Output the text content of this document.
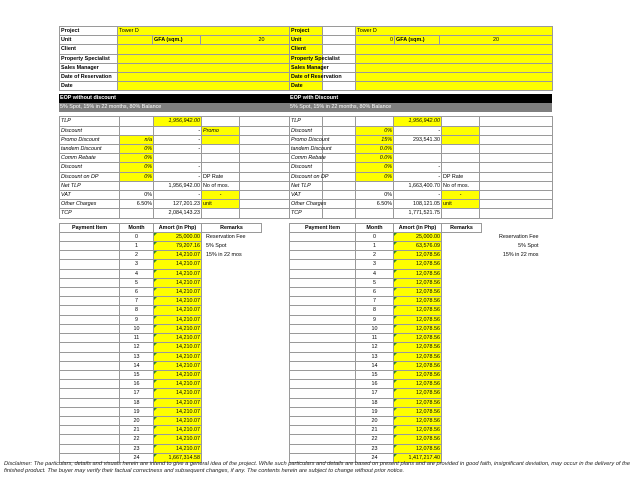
Project	Tower D		
Unit		GFA (sqm.)	20
Client			
Property Specialist			
Sales Manager			
Date of Reservation			
Date			
EOP without discount
5% Spot, 15% in 22 months, 80% Balance
TLP		1,956,942.00		
Discount		-	Promo	
Promo Discount	n/a	-		
tandem Discount	0%	-		
Comm Rebate	0%			
Discount	0%	-		
Discount on DP	0%	-	DP Rate	
Net TLP		1,956,942.00	No of mos.	
VAT	0%	-	-	
Other Charges	6.50%	127,201.23	unit	
TCP		2,084,143.23		
Payment Item	Month	Amort (in Php)	Remarks	
	0	25,000.00	Reservation Fee	
	1	79,207.16	5% Spot	
	2	14,210.07	15% in 22 mos	
	3	14,210.07		
	4	14,210.07		
	5	14,210.07		
	6	14,210.07		
	7	14,210.07		
	8	14,210.07		
	9	14,210.07		
	10	14,210.07		
	11	14,210.07		
	12	14,210.07		
	13	14,210.07		
	14	14,210.07		
	15	14,210.07		
	16	14,210.07		
	17	14,210.07		
	18	14,210.07		
	19	14,210.07		
	20	14,210.07		
	21	14,210.07		
	22	14,210.07		
	23	14,210.07		
	24	1,667,314.58		
Project	Tower D		
Unit	0	GFA (sqm.)	20
Client			
Property Specialist			
Sales Manager			
Date of Reservation			
Date			
EOP with Discount
5% Spot, 15% in 22 months, 80% Balance
TLP		1,956,942.00		
Discount	0%	-		
Promo Discount	15%	293,541.30		
tandem Discount	0.0%			
Comm Rebate	0.0%			
Discount	0%	-		
Discount on DP	0%	-	DP Rate	
Net TLP		1,663,400.70	No of mos.	
VAT	0%	-	-	
Other Charges	6.50%	108,121.05	unit	
TCP		1,771,521.75		
Payment Item	Month	Amort (in Php)	Remarks	
	0	25,000.00	Reservation Fee	
	1	63,576.09	5% Spot	
	2	12,078.56	15% in 22 mos	
	3	12,078.56		
	4	12,078.56		
	5	12,078.56		
	6	12,078.56		
	7	12,078.56		
	8	12,078.56		
	9	12,078.56		
	10	12,078.56		
	11	12,078.56		
	12	12,078.56		
	13	12,078.56		
	14	12,078.56		
	15	12,078.56		
	16	12,078.56		
	17	12,078.56		
	18	12,078.56		
	19	12,078.56		
	20	12,078.56		
	21	12,078.56		
	22	12,078.56		
	23	12,078.56		
	24	1,417,217.40		
Disclaimer: The particulars, details and visuals herein are intend to give a general idea of the project. While such particulars and details are based on present plans and are provided in good faith, insignificant deviation, may occur in the delivery of the finished product. The buyer may verify their factual correctness and subsequent changes, if any. The contents herein are subject to change without prior notice.
